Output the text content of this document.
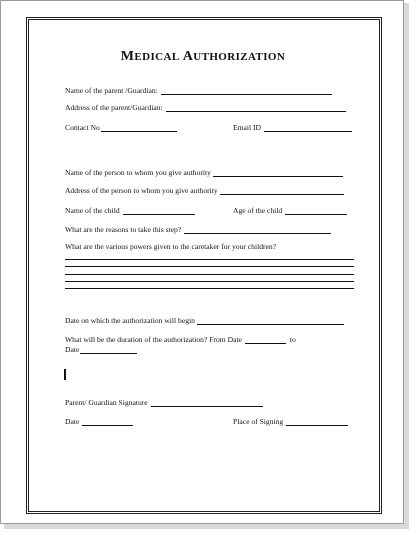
MEDICAL AUTHORIZATION
Name of the parent /Guardian:
Address of the parent/Guardian:
Contact No	Email ID
Name of the person to whom you give authority
Address of the person to whom you give authority
Name of the child	Age of the child
What are the reasons to take this step?
What are the various powers given to the caretaker for your children?
Date on which the authorization will begin
What will be the duration of the authorization? From Date	to
Date
Parent/ Guardian Signature
Date	Place of Signing
